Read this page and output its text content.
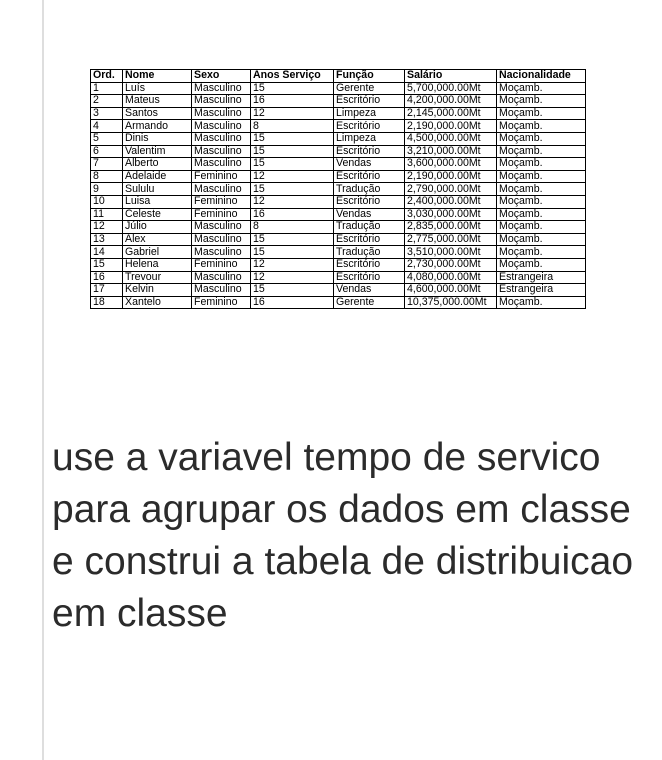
Ord.	Nome	Sexo	Anos Serviço	Função	Salário	Nacionalidade
1	Luís	Masculino	15	Gerente	5,700,000.00Mt	Moçamb.
2	Mateus	Masculino	16	Escritório	4,200,000.00Mt	Moçamb.
3	Santos	Masculino	12	Limpeza	2,145,000.00Mt	Moçamb.
4	Armando	Masculino	8	Escritório	2,190,000.00Mt	Moçamb.
5	Dinis	Masculino	15	Limpeza	4,500,000.00Mt	Moçamb.
6	Valentim	Masculino	15	Escritório	3,210,000.00Mt	Moçamb.
7	Alberto	Masculino	15	Vendas	3,600,000.00Mt	Moçamb.
8	Adelaide	Feminino	12	Escritório	2,190,000.00Mt	Moçamb.
9	Sululu	Masculino	15	Tradução	2,790,000.00Mt	Moçamb.
10	Luisa	Feminino	12	Escritório	2,400,000.00Mt	Moçamb.
11	Celeste	Feminino	16	Vendas	3,030,000.00Mt	Moçamb.
12	Júlio	Masculino	8	Tradução	2,835,000.00Mt	Moçamb.
13	Alex	Masculino	15	Escritório	2,775,000.00Mt	Moçamb.
14	Gabriel	Masculino	15	Tradução	3,510,000.00Mt	Moçamb.
15	Helena	Feminino	12	Escritório	2,730,000.00Mt	Moçamb.
16	Trevour	Masculino	12	Escritório	4,080,000.00Mt	Estrangeira
17	Kelvin	Masculino	15	Vendas	4,600,000.00Mt	Estrangeira
18	Xantelo	Feminino	16	Gerente	10,375,000.00Mt	Moçamb.

use a variavel tempo de servico para agrupar os dados em classe e construi a tabela de distribuicao em classe
